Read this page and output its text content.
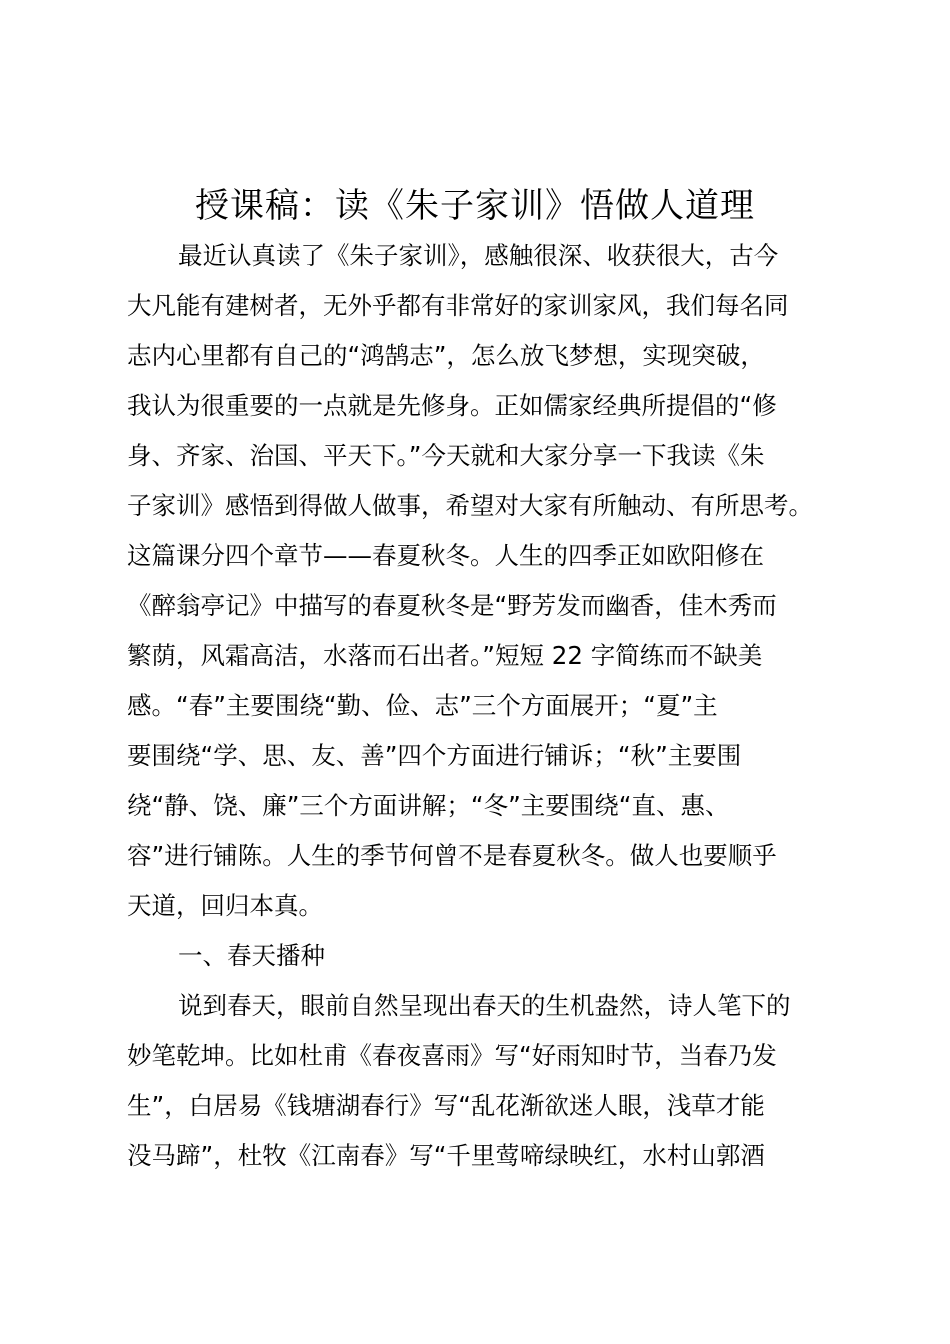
授课稿：读《朱子家训》悟做人道理
最近认真读了《朱子家训》，感触很深、收获很大，古今
大凡能有建树者，无外乎都有非常好的家训家风，我们每名同
志内心里都有自己的“鸿鹄志”，怎么放飞梦想，实现突破，
我认为很重要的一点就是先修身。正如儒家经典所提倡的“修
身、齐家、治国、平天下。”今天就和大家分享一下我读《朱
子家训》感悟到得做人做事，希望对大家有所触动、有所思考。
这篇课分四个章节——春夏秋冬。人生的四季正如欧阳修在
《醉翁亭记》中描写的春夏秋冬是“野芳发而幽香，佳木秀而
繁荫，风霜高洁，水落而石出者。”短短 22 字简练而不缺美
感。“春”主要围绕“勤、俭、志”三个方面展开；“夏”主
要围绕“学、思、友、善”四个方面进行铺诉；“秋”主要围
绕“静、饶、廉”三个方面讲解；“冬”主要围绕“直、惠、
容”进行铺陈。人生的季节何曾不是春夏秋冬。做人也要顺乎
天道，回归本真。
一、春天播种
说到春天，眼前自然呈现出春天的生机盎然，诗人笔下的
妙笔乾坤。比如杜甫《春夜喜雨》写“好雨知时节，当春乃发
生”，白居易《钱塘湖春行》写“乱花渐欲迷人眼，浅草才能
没马蹄”，杜牧《江南春》写“千里莺啼绿映红，水村山郭酒
